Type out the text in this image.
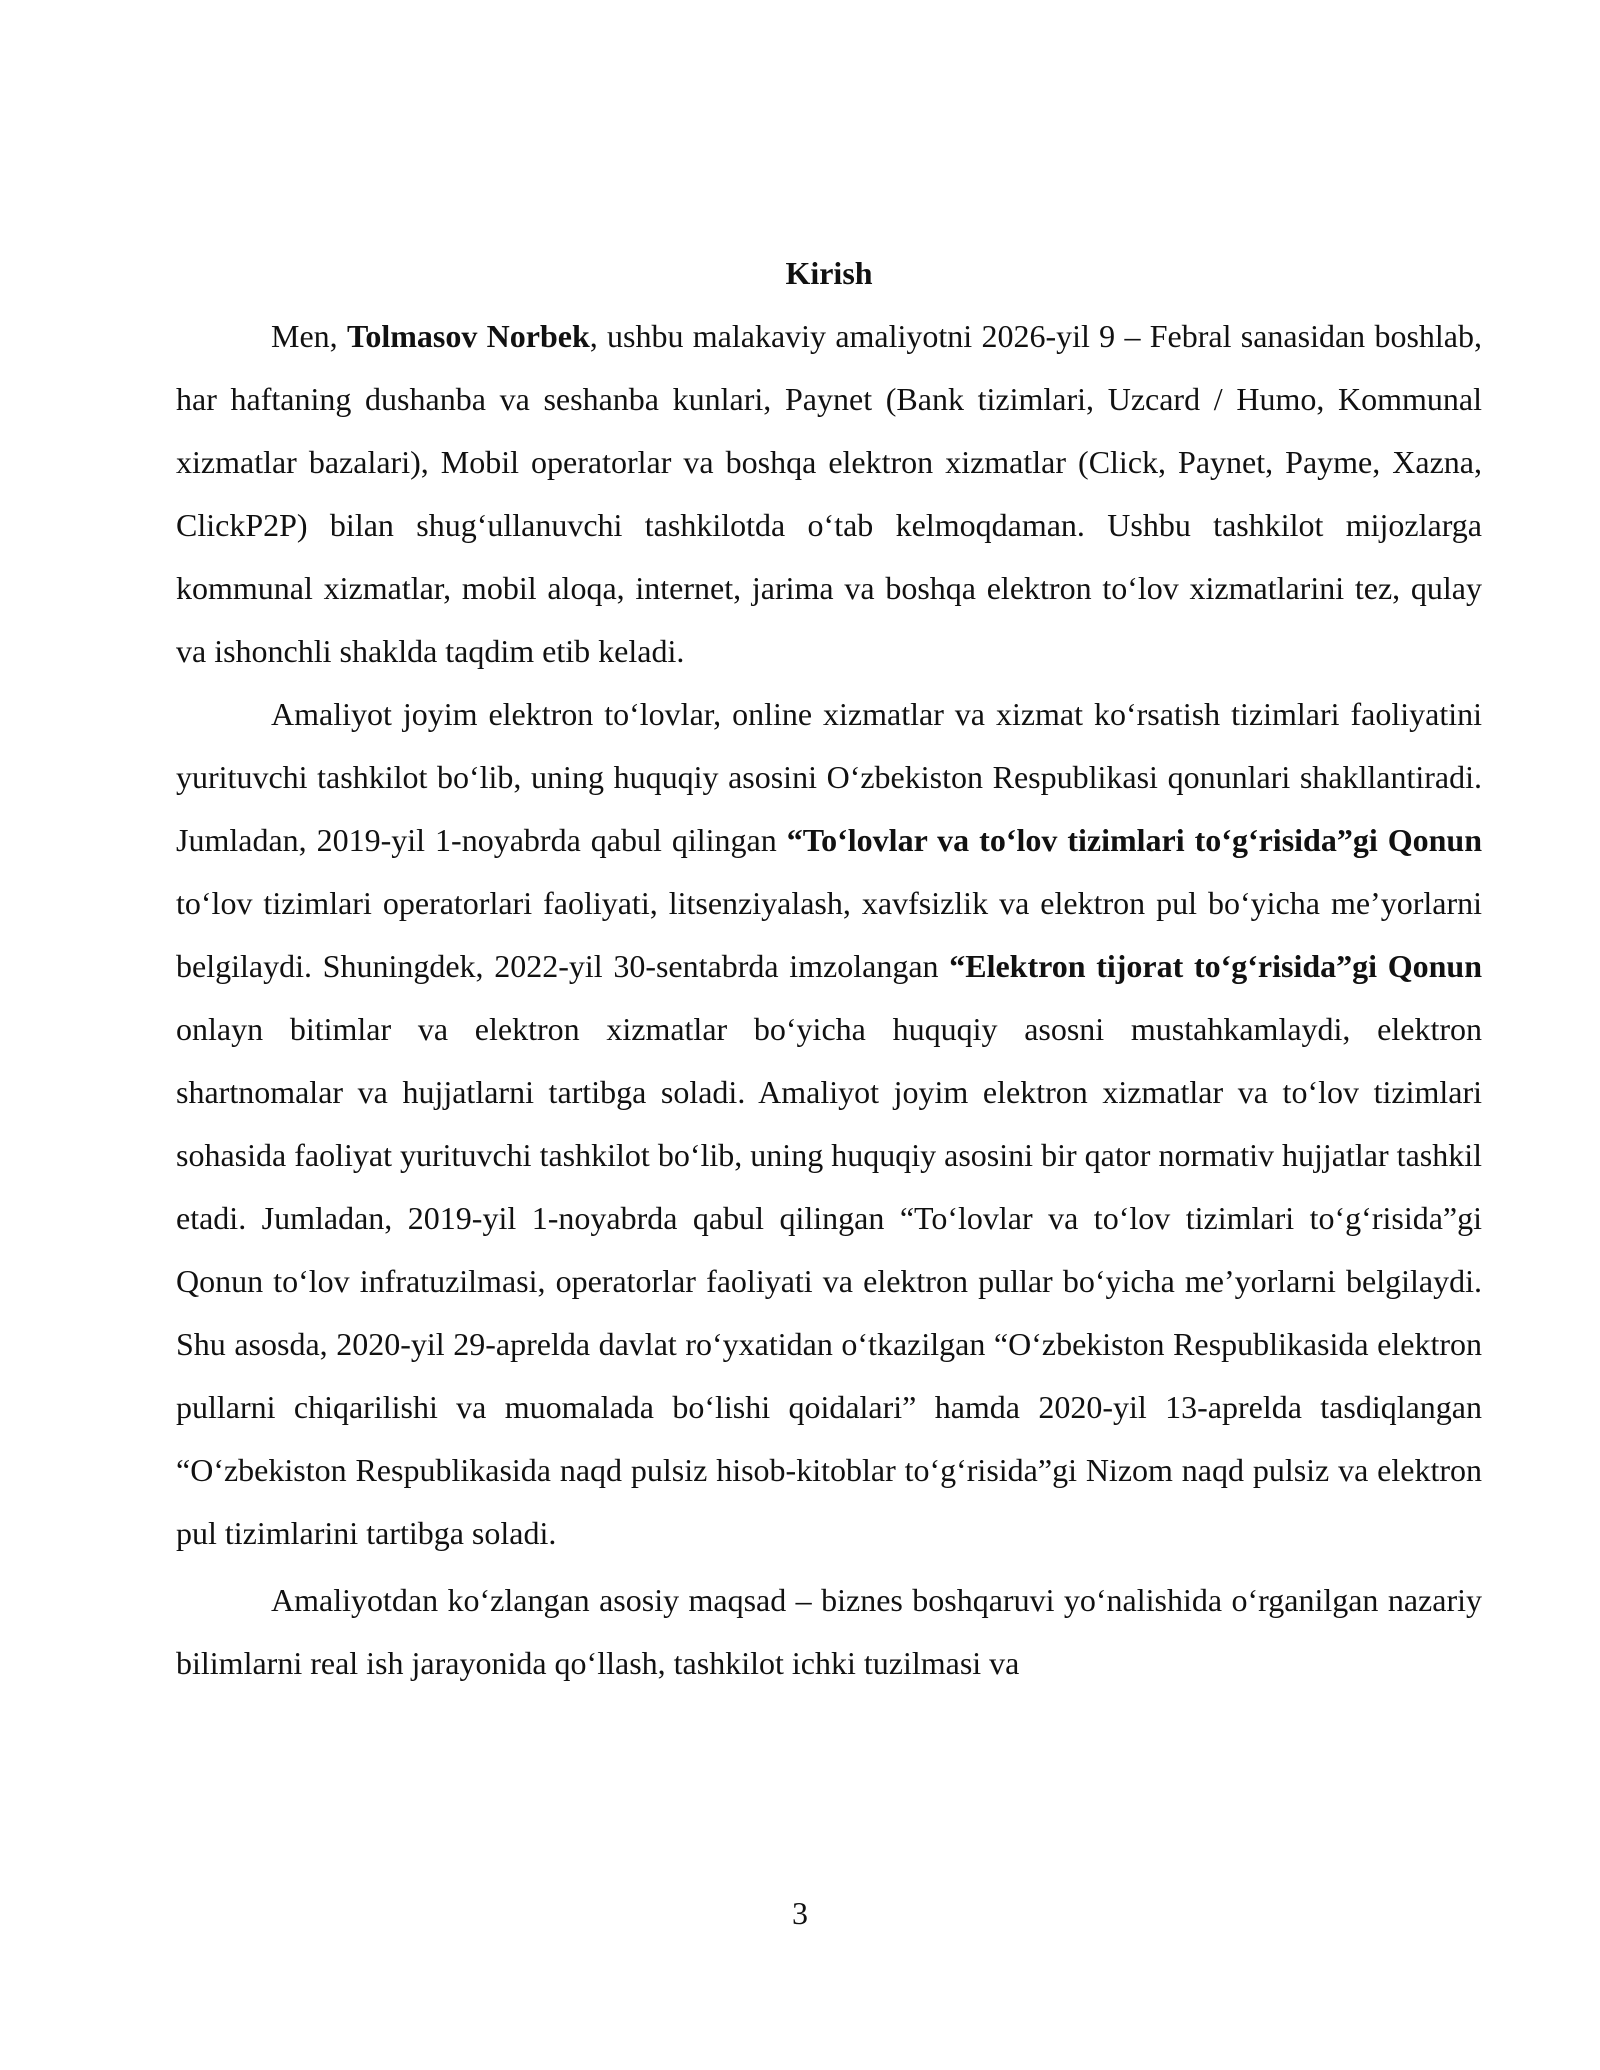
Kirish

Men, Tolmasov Norbek, ushbu malakaviy amaliyotni 2026-yil 9 – Febral sanasidan boshlab, har haftaning dushanba va seshanba kunlari, Paynet (Bank tizimlari, Uzcard / Humo, Kommunal xizmatlar bazalari), Mobil operatorlar va boshqa elektron xizmatlar (Click, Paynet, Payme, Xazna, ClickP2P) bilan shugʻullanuvchi tashkilotda oʻtab kelmoqdaman. Ushbu tashkilot mijozlarga kommunal xizmatlar, mobil aloqa, internet, jarima va boshqa elektron toʻlov xizmatlarini tez, qulay va ishonchli shaklda taqdim etib keladi.

Amaliyot joyim elektron toʻlovlar, online xizmatlar va xizmat koʻrsatish tizimlari faoliyatini yurituvchi tashkilot boʻlib, uning huquqiy asosini Oʻzbekiston Respublikasi qonunlari shakllantiradi. Jumladan, 2019-yil 1-noyabrda qabul qilingan “Toʻlovlar va toʻlov tizimlari toʻgʻrisida”gi Qonun toʻlov tizimlari operatorlari faoliyati, litsenziyalash, xavfsizlik va elektron pul boʻyicha meʼyorlarni belgilaydi. Shuningdek, 2022-yil 30-sentabrda imzolangan “Elektron tijorat toʻgʻrisida”gi Qonun onlayn bitimlar va elektron xizmatlar boʻyicha huquqiy asosni mustahkamlaydi, elektron shartnomalar va hujjatlarni tartibga soladi. Amaliyot joyim elektron xizmatlar va toʻlov tizimlari sohasida faoliyat yurituvchi tashkilot boʻlib, uning huquqiy asosini bir qator normativ hujjatlar tashkil etadi. Jumladan, 2019-yil 1-noyabrda qabul qilingan “Toʻlovlar va toʻlov tizimlari toʻgʻrisida”gi Qonun toʻlov infratuzilmasi, operatorlar faoliyati va elektron pullar boʻyicha meʼyorlarni belgilaydi. Shu asosda, 2020-yil 29-aprelda davlat roʻyxatidan oʻtkazilgan “Oʻzbekiston Respublikasida elektron pullarni chiqarilishi va muomalada boʻlishi qoidalari” hamda 2020-yil 13-aprelda tasdiqlangan “Oʻzbekiston Respublikasida naqd pulsiz hisob-kitoblar toʻgʻrisida”gi Nizom naqd pulsiz va elektron pul tizimlarini tartibga soladi.

Amaliyotdan koʻzlangan asosiy maqsad – biznes boshqaruvi yoʻnalishida oʻrganilgan nazariy bilimlarni real ish jarayonida qoʻllash, tashkilot ichki tuzilmasi va

3
